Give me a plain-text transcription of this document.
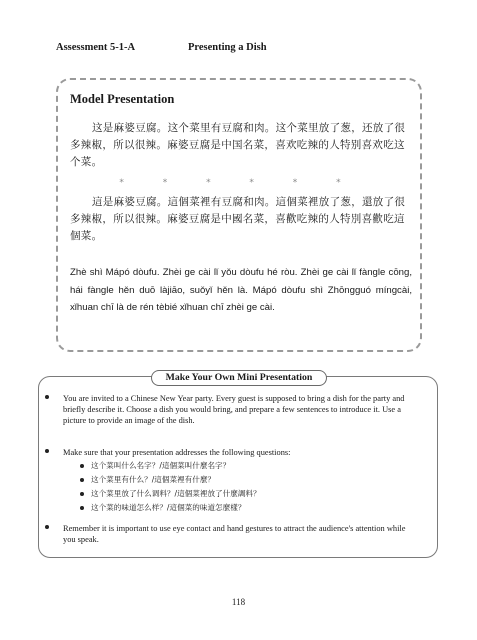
Assessment 5-1-A	Presenting a Dish
Model Presentation
这是麻婆豆腐。这个菜里有豆腐和肉。这个菜里放了葱，还放了很多辣椒，所以很辣。麻婆豆腐是中国名菜，喜欢吃辣的人特别喜欢吃这个菜。
* * * * * *
這是麻婆豆腐。這個菜裡有豆腐和肉。這個菜裡放了葱，還放了很多辣椒，所以很辣。麻婆豆腐是中國名菜，喜歡吃辣的人特別喜歡吃這個菜。
Zhè shì Mápó dòufu. Zhèi ge cài lǐ yǒu dòufu hé ròu. Zhèi ge cài lǐ fàngle cōng, hái fàngle hěn duō làjiāo, suǒyǐ hěn là. Mápó dòufu shì Zhōngguó míngcài, xǐhuan chī là de rén tèbié xǐhuan chī zhèi ge cài.
Make Your Own Mini Presentation
You are invited to a Chinese New Year party. Every guest is supposed to bring a dish for the party and briefly describe it. Choose a dish you would bring, and prepare a few sentences to introduce it. Use a picture to provide an image of the dish.
Make sure that your presentation addresses the following questions:
这个菜叫什么名字？/這個菜叫什麼名字？
这个菜里有什么？/這個菜裡有什麼？
这个菜里放了什么调料？/這個菜裡放了什麼調料？
这个菜的味道怎么样？/這個菜的味道怎麼樣？
Remember it is important to use eye contact and hand gestures to attract the audience's attention while you speak.
118
